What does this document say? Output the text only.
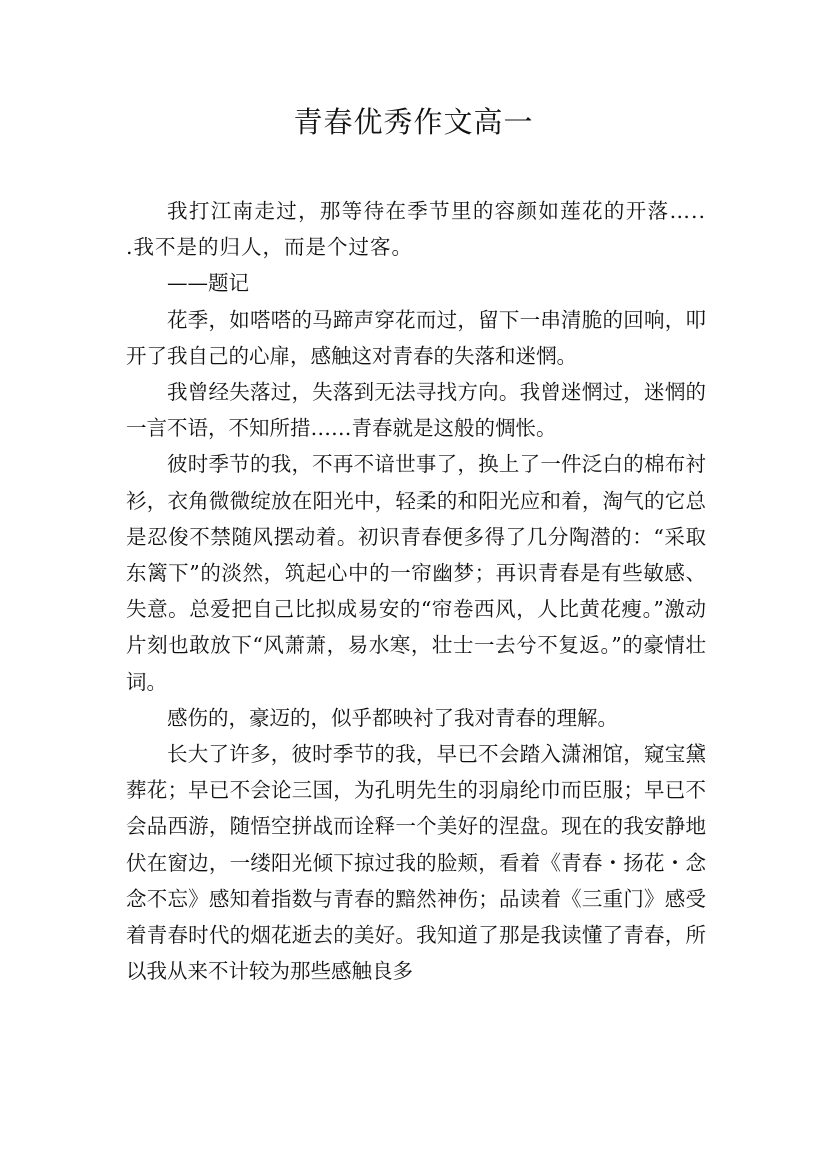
青春优秀作文高一

我打江南走过，那等待在季节里的容颜如莲花的开落….. .我不是的归人，而是个过客。

——题记

花季，如嗒嗒的马蹄声穿花而过，留下一串清脆的回响，叩开了我自己的心扉，感触这对青春的失落和迷惘。

我曾经失落过，失落到无法寻找方向。我曾迷惘过，迷惘的一言不语，不知所措……青春就是这般的惆怅。

彼时季节的我，不再不谙世事了，换上了一件泛白的棉布衬衫，衣角微微绽放在阳光中，轻柔的和阳光应和着，淘气的它总是忍俊不禁随风摆动着。初识青春便多得了几分陶潜的：“采取东篱下”的淡然，筑起心中的一帘幽梦；再识青春是有些敏感、失意。总爱把自己比拟成易安的“帘卷西风，人比黄花瘦。”激动片刻也敢放下“风萧萧，易水寒，壮士一去兮不复返。”的豪情壮词。

感伤的，豪迈的，似乎都映衬了我对青春的理解。

长大了许多，彼时季节的我，早已不会踏入潇湘馆，窥宝黛葬花；早已不会论三国，为孔明先生的羽扇纶巾而臣服；早已不会品西游，随悟空拼战而诠释一个美好的涅盘。现在的我安静地伏在窗边，一缕阳光倾下掠过我的脸颊，看着《青春・扬花・念念不忘》感知着指数与青春的黯然神伤；品读着《三重门》感受着青春时代的烟花逝去的美好。我知道了那是我读懂了青春，所以我从来不计较为那些感触良多
